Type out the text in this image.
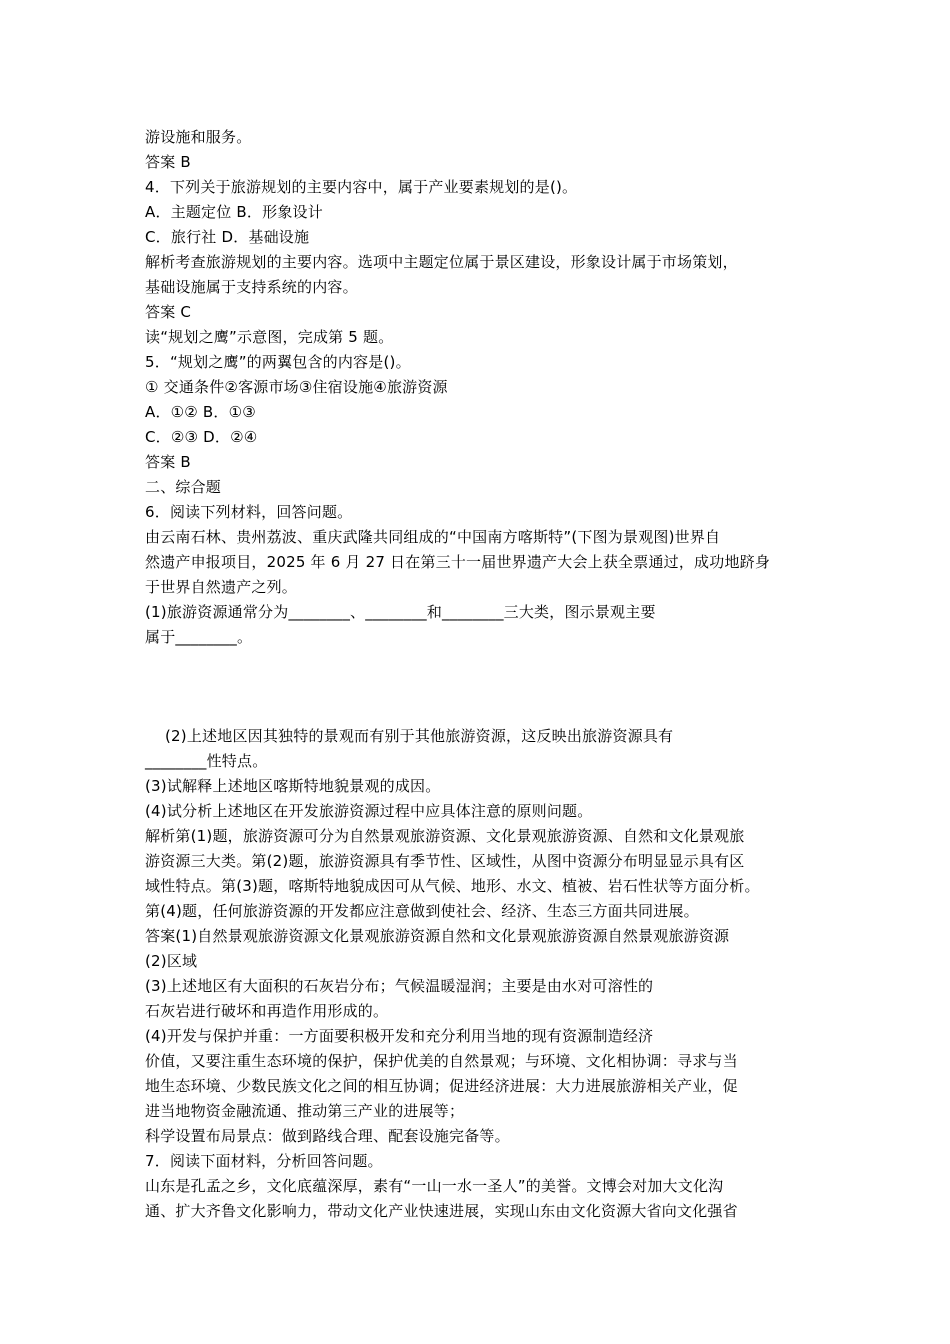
游设施和服务。
答案 B
4．下列关于旅游规划的主要内容中，属于产业要素规划的是()。
A．主题定位 B．形象设计
C．旅行社 D．基础设施
解析考查旅游规划的主要内容。选项中主题定位属于景区建设，形象设计属于市场策划，
基础设施属于支持系统的内容。
答案 C
读“规划之鹰”示意图，完成第 5 题。
5．“规划之鹰”的两翼包含的内容是()。
① 交通条件②客源市场③住宿设施④旅游资源
A．①② B．①③
C．②③ D．②④
答案 B
二、综合题
6．阅读下列材料，回答问题。
由云南石林、贵州荔波、重庆武隆共同组成的“中国南方喀斯特”(下图为景观图)世界自
然遗产申报项目，2025 年 6 月 27 日在第三十一届世界遗产大会上获全票通过，成功地跻身
于世界自然遗产之列。
(1)旅游资源通常分为________、________和________三大类，图示景观主要
属于________。
(2)上述地区因其独特的景观而有别于其他旅游资源，这反映出旅游资源具有
________性特点。
(3)试解释上述地区喀斯特地貌景观的成因。
(4)试分析上述地区在开发旅游资源过程中应具体注意的原则问题。
解析第(1)题，旅游资源可分为自然景观旅游资源、文化景观旅游资源、自然和文化景观旅
游资源三大类。第(2)题，旅游资源具有季节性、区域性，从图中资源分布明显显示具有区
域性特点。第(3)题，喀斯特地貌成因可从气候、地形、水文、植被、岩石性状等方面分析。
第(4)题，任何旅游资源的开发都应注意做到使社会、经济、生态三方面共同进展。
答案(1)自然景观旅游资源文化景观旅游资源自然和文化景观旅游资源自然景观旅游资源
(2)区域
(3)上述地区有大面积的石灰岩分布；气候温暖湿润；主要是由水对可溶性的
石灰岩进行破坏和再造作用形成的。
(4)开发与保护并重：一方面要积极开发和充分利用当地的现有资源制造经济
价值，又要注重生态环境的保护，保护优美的自然景观；与环境、文化相协调：寻求与当
地生态环境、少数民族文化之间的相互协调；促进经济进展：大力进展旅游相关产业，促
进当地物资金融流通、推动第三产业的进展等；
科学设置布局景点：做到路线合理、配套设施完备等。
7．阅读下面材料，分析回答问题。
山东是孔孟之乡，文化底蕴深厚，素有“一山一水一圣人”的美誉。文博会对加大文化沟
通、扩大齐鲁文化影响力，带动文化产业快速进展，实现山东由文化资源大省向文化强省
